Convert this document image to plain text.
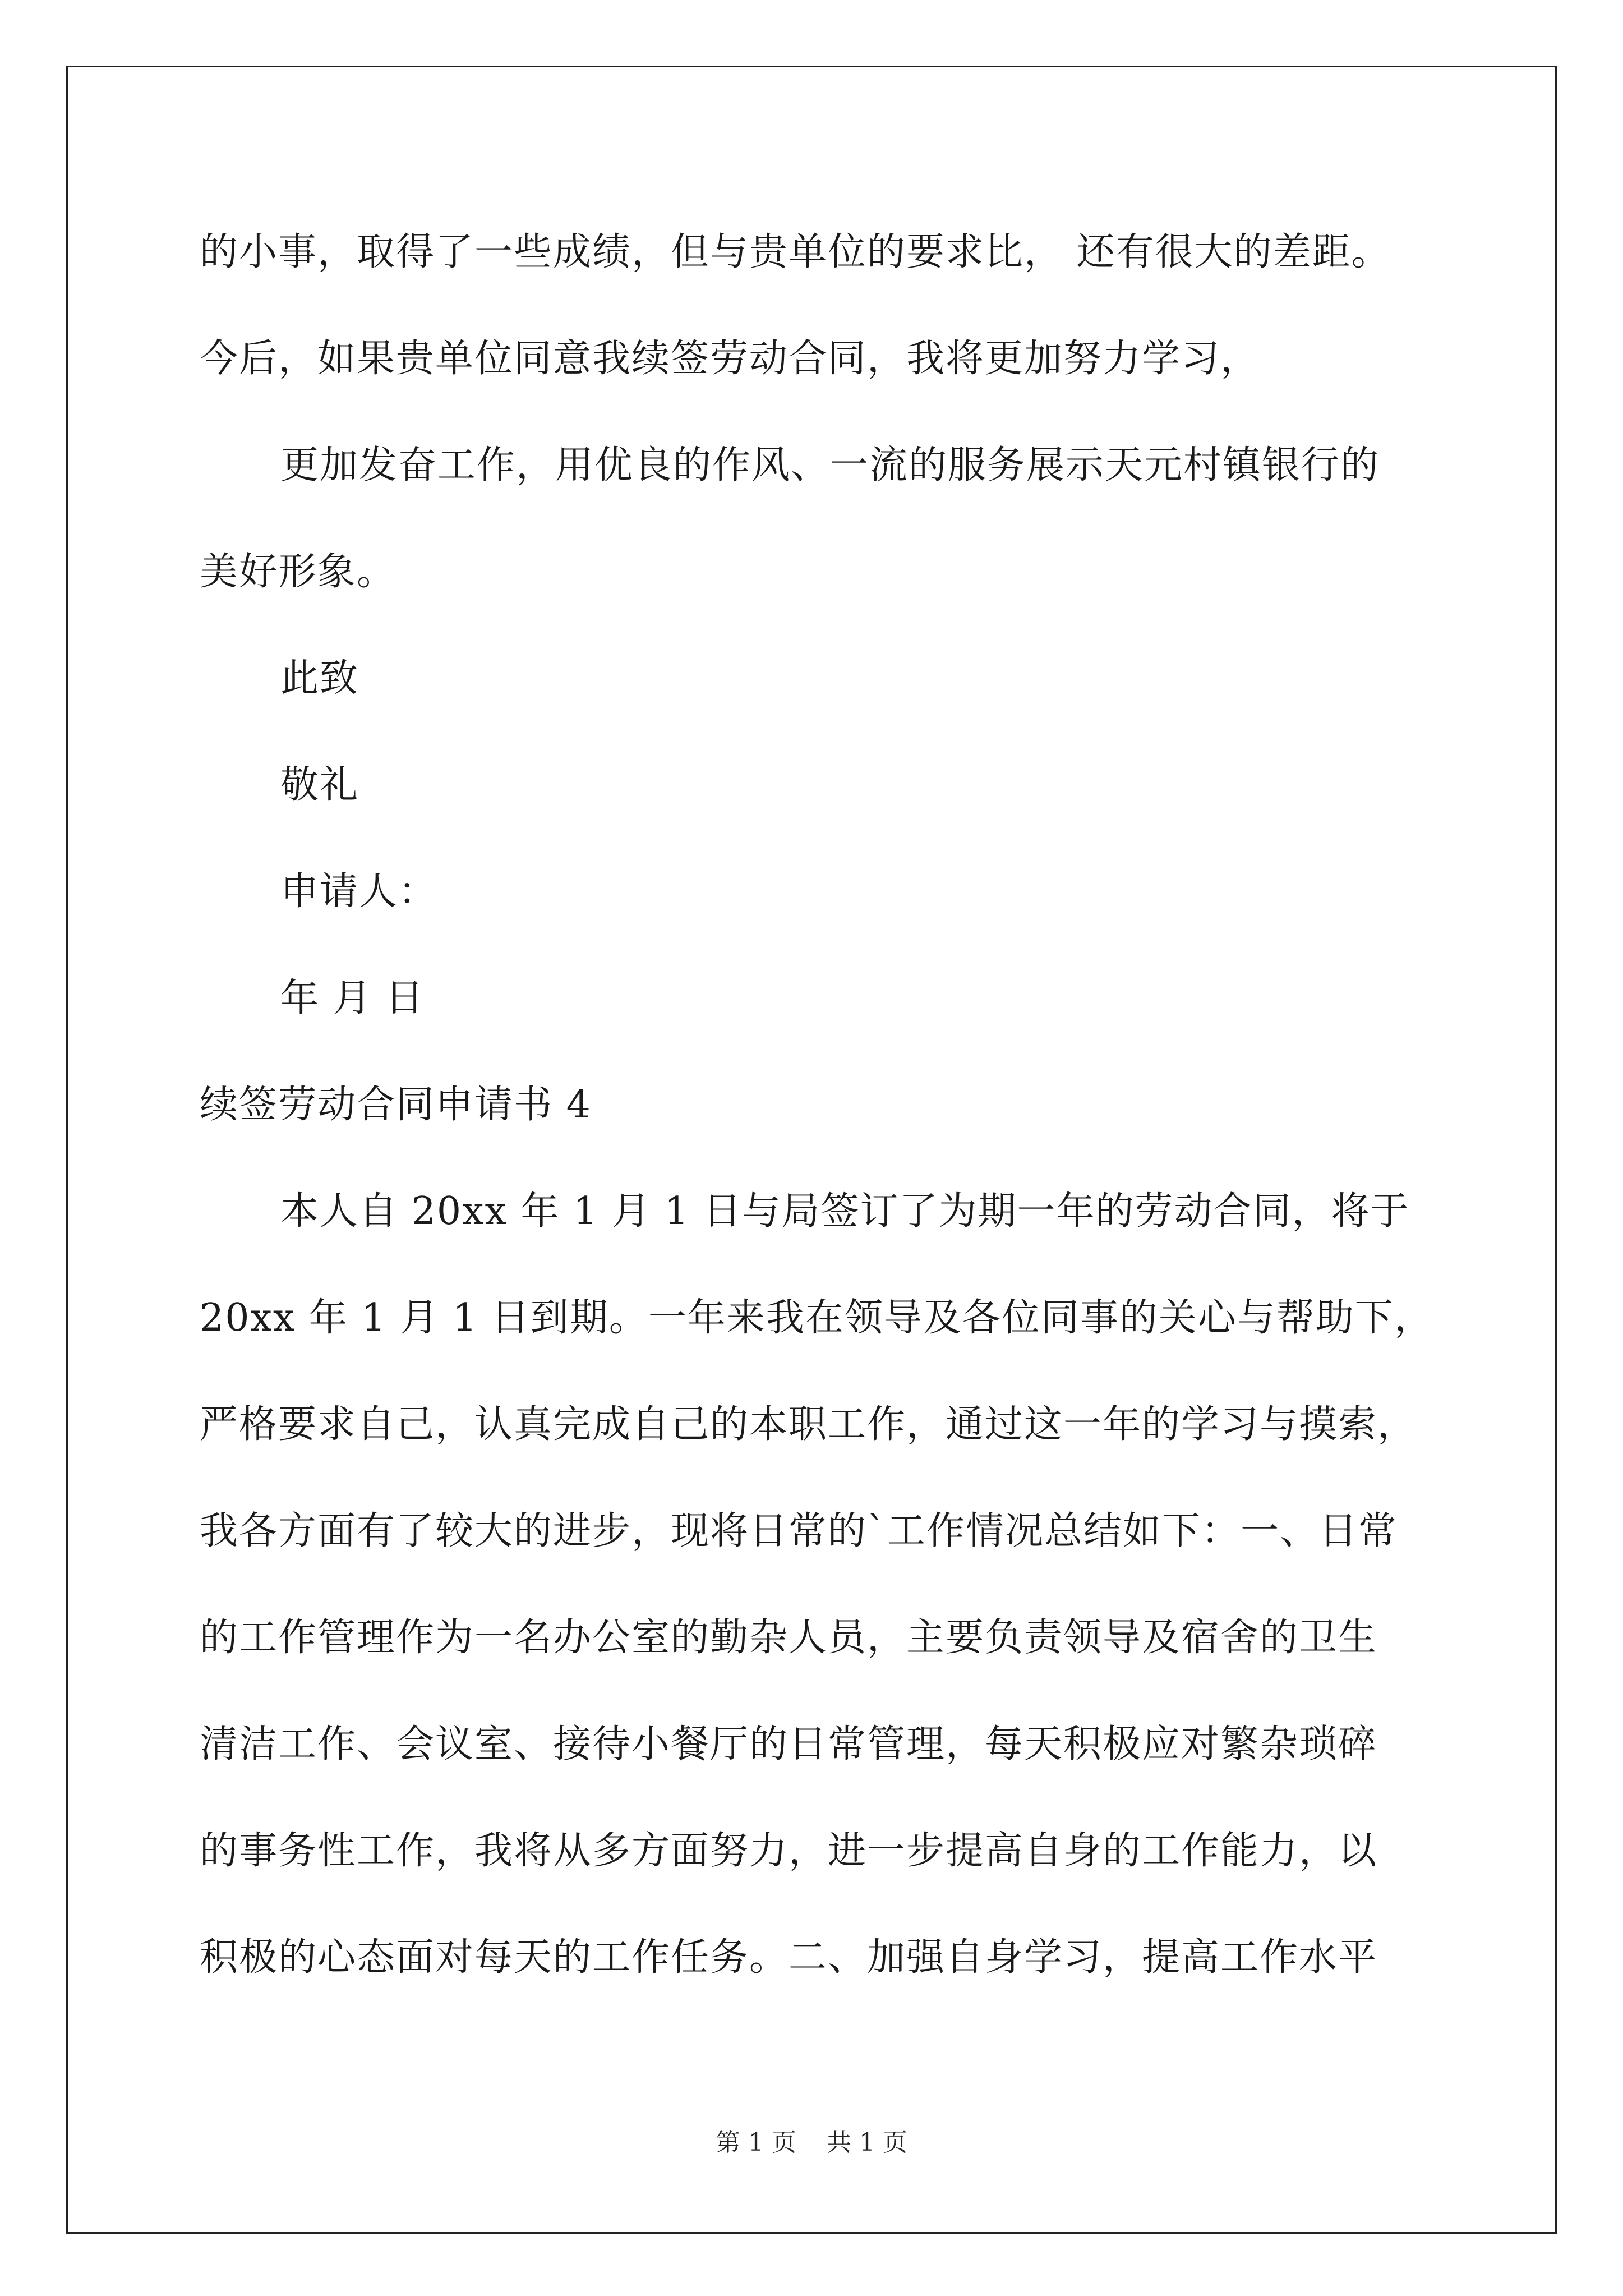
的小事，取得了一些成绩，但与贵单位的要求比， 还有很大的差距。
今后，如果贵单位同意我续签劳动合同，我将更加努力学习，
更加发奋工作，用优良的作风、一流的服务展示天元村镇银行的
美好形象。
此致
敬礼
申请人：
年 月 日
续签劳动合同申请书 4
本人自 20xx 年 1 月 1 日与局签订了为期一年的劳动合同，将于
20xx 年 1 月 1 日到期。一年来我在领导及各位同事的关心与帮助下，
严格要求自己，认真完成自己的本职工作，通过这一年的学习与摸索，
我各方面有了较大的进步，现将日常的`工作情况总结如下：一、日常
的工作管理作为一名办公室的勤杂人员，主要负责领导及宿舍的卫生
清洁工作、会议室、接待小餐厅的日常管理，每天积极应对繁杂琐碎
的事务性工作，我将从多方面努力，进一步提高自身的工作能力，以
积极的心态面对每天的工作任务。二、加强自身学习，提高工作水平
第 1 页 共 1 页
